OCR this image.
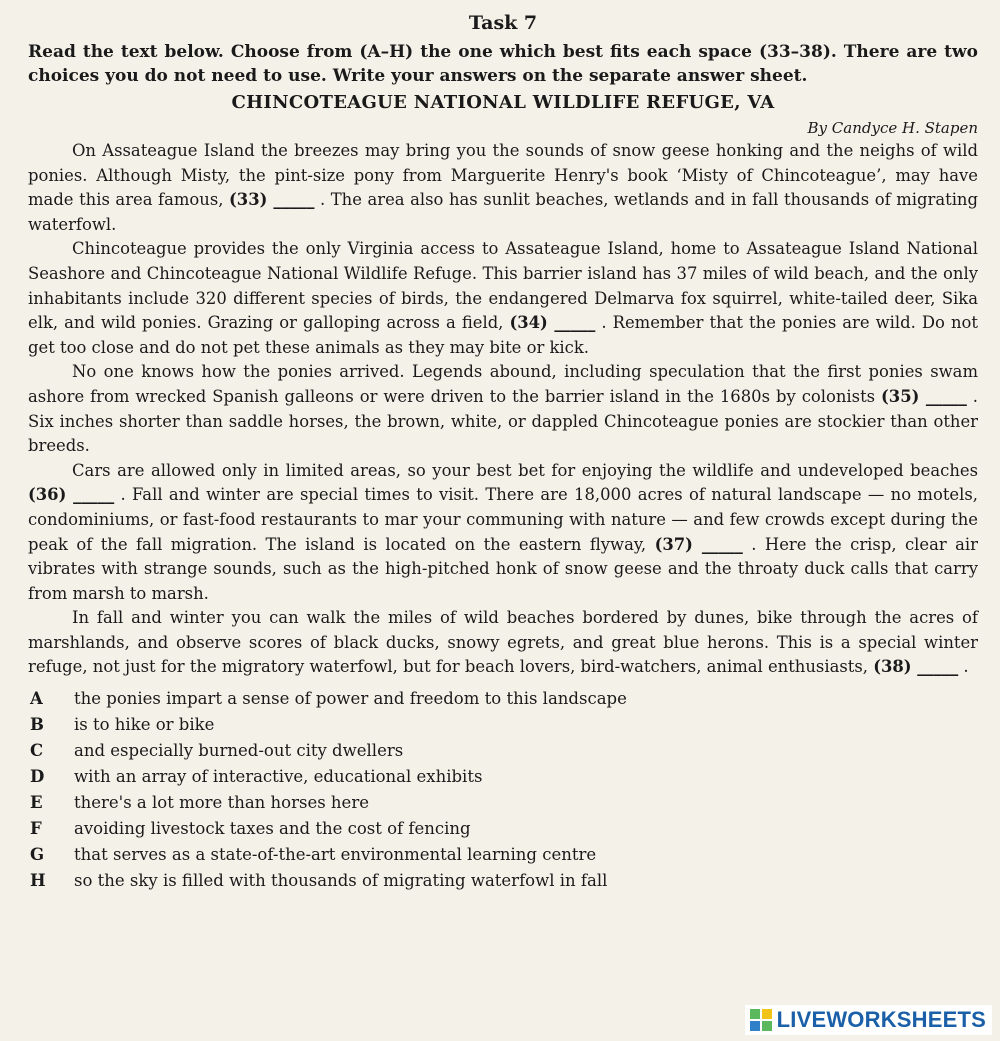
Task 7

Read the text below. Choose from (A–H) the one which best fits each space (33–38). There are two choices you do not need to use. Write your answers on the separate answer sheet.

CHINCOTEAGUE NATIONAL WILDLIFE REFUGE, VA
By Candyce H. Stapen

On Assateague Island the breezes may bring you the sounds of snow geese honking and the neighs of wild ponies. Although Misty, the pint-size pony from Marguerite Henry's book ‘Misty of Chincoteague’, may have made this area famous, (33) _____ . The area also has sunlit beaches, wetlands and in fall thousands of migrating waterfowl.

Chincoteague provides the only Virginia access to Assateague Island, home to Assateague Island National Seashore and Chincoteague National Wildlife Refuge. This barrier island has 37 miles of wild beach, and the only inhabitants include 320 different species of birds, the endangered Delmarva fox squirrel, white-tailed deer, Sika elk, and wild ponies. Grazing or galloping across a field, (34) _____ . Remember that the ponies are wild. Do not get too close and do not pet these animals as they may bite or kick.

No one knows how the ponies arrived. Legends abound, including speculation that the first ponies swam ashore from wrecked Spanish galleons or were driven to the barrier island in the 1680s by colonists (35) _____ . Six inches shorter than saddle horses, the brown, white, or dappled Chincoteague ponies are stockier than other breeds.

Cars are allowed only in limited areas, so your best bet for enjoying the wildlife and undeveloped beaches (36) _____ . Fall and winter are special times to visit. There are 18,000 acres of natural landscape — no motels, condominiums, or fast-food restaurants to mar your communing with nature — and few crowds except during the peak of the fall migration. The island is located on the eastern flyway, (37) _____ . Here the crisp, clear air vibrates with strange sounds, such as the high-pitched honk of snow geese and the throaty duck calls that carry from marsh to marsh.

In fall and winter you can walk the miles of wild beaches bordered by dunes, bike through the acres of marshlands, and observe scores of black ducks, snowy egrets, and great blue herons. This is a special winter refuge, not just for the migratory waterfowl, but for beach lovers, bird-watchers, animal enthusiasts, (38) _____ .

A	the ponies impart a sense of power and freedom to this landscape
B	is to hike or bike
C	and especially burned-out city dwellers
D	with an array of interactive, educational exhibits
E	there's a lot more than horses here
F	avoiding livestock taxes and the cost of fencing
G	that serves as a state-of-the-art environmental learning centre
H	so the sky is filled with thousands of migrating waterfowl in fall
LIVEWORKSHEETS
